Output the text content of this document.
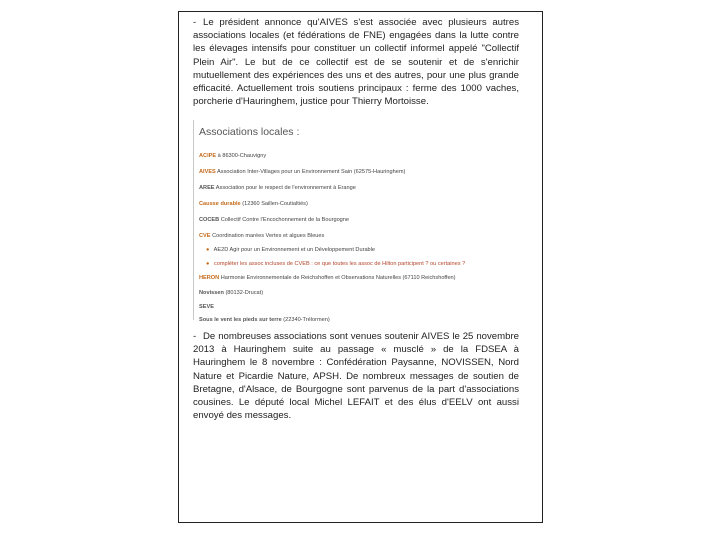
- Le président annonce qu'AIVES s'est associée avec plusieurs autres associations locales (et fédérations de FNE) engagées dans la lutte contre les élevages intensifs pour constituer un collectif informel appelé "Collectif Plein Air". Le but de ce collectif est de se soutenir et de s'enrichir mutuellement des expériences des uns et des autres, pour une plus grande efficacité. Actuellement trois soutiens principaux : ferme des 1000 vaches, porcherie d'Hauringhem, justice pour Thierry Mortoisse.

Associations locales :
ACIPE à 86300-Chauvigny
AIVES Association Inter-Villages pour un Environnement Sain (62575-Hauringhem)
AREE Association pour le respect de l'environnement à Erange
Causse durable (12360 Saillen-Coutialtiés)
COCEB Collectif Contre l'Encochonnement de la Bourgogne
CVE Coordination marées Vertes et algues Bleues
● AE2D Agir pour un Environnement et un Développement Durable
● compléter les assoc incluses de CVEB : ce que toutes les assoc de Hilton participent ? ou certaines ?
HERON Harmonie Environnementale de Reichshoffen et Observations Naturelles (67110 Reichshoffen)
Novissen (80132-Drucat)
SEVE
Sous le vent les pieds sur terre (22340-Trélormen)

- De nombreuses associations sont venues soutenir AIVES le 25 novembre 2013 à Hauringhem suite au passage « musclé » de la FDSEA à Hauringhem le 8 novembre : Confédération Paysanne, NOVISSEN, Nord Nature et Picardie Nature, APSH. De nombreux messages de soutien de Bretagne, d'Alsace, de Bourgogne sont parvenus de la part d'associations cousines. Le député local Michel LEFAIT et des élus d'EELV ont aussi envoyé des messages.
